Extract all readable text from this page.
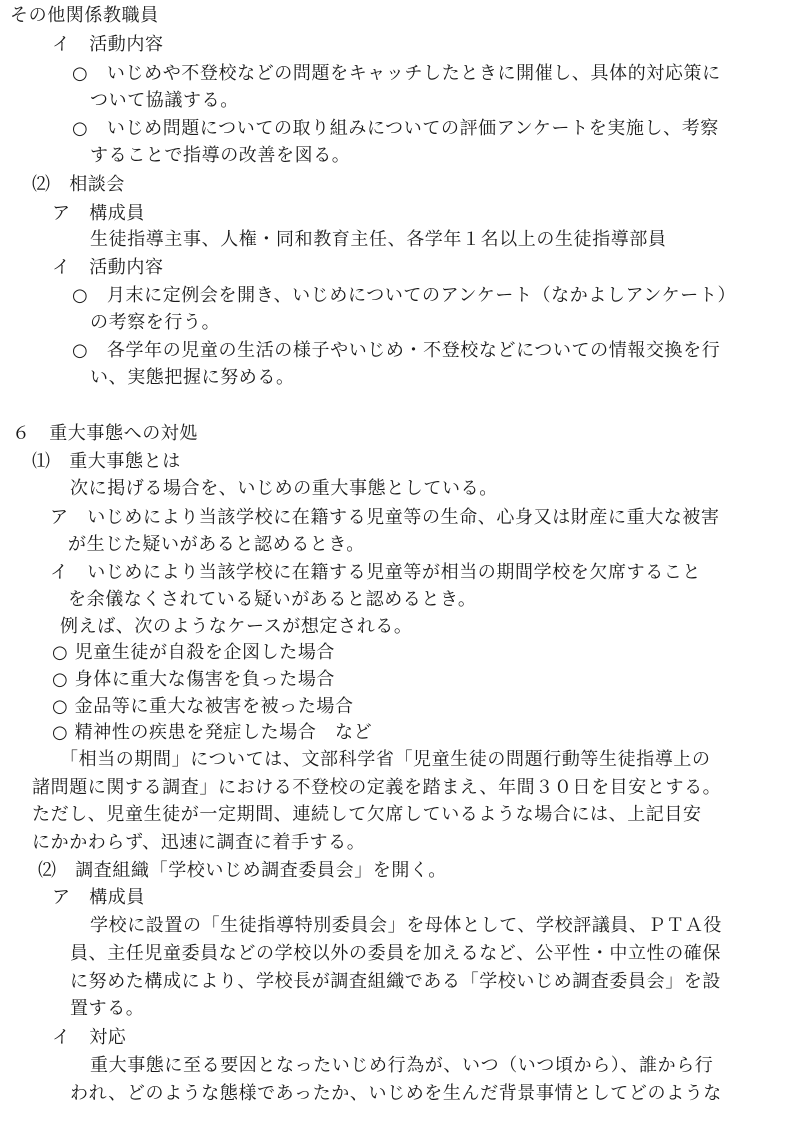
その他関係教職員
イ　活動内容
○　いじめや不登校などの問題をキャッチしたときに開催し、具体的対応策に
ついて協議する。
○　いじめ問題についての取り組みについての評価アンケートを実施し、考察
することで指導の改善を図る。
⑵　相談会
ア　構成員
生徒指導主事、人権・同和教育主任、各学年１名以上の生徒指導部員
イ　活動内容
○　月末に定例会を開き、いじめについてのアンケート（なかよしアンケート）
の考察を行う。
○　各学年の児童の生活の様子やいじめ・不登校などについての情報交換を行
い、実態把握に努める。
６　重大事態への対処
⑴　重大事態とは
次に掲げる場合を、いじめの重大事態としている。
ア　いじめにより当該学校に在籍する児童等の生命、心身又は財産に重大な被害
が生じた疑いがあると認めるとき。
イ　いじめにより当該学校に在籍する児童等が相当の期間学校を欠席すること
を余儀なくされている疑いがあると認めるとき。
例えば、次のようなケースが想定される。
○ 児童生徒が自殺を企図した場合
○ 身体に重大な傷害を負った場合
○ 金品等に重大な被害を被った場合
○ 精神性の疾患を発症した場合　など
「相当の期間」については、文部科学省「児童生徒の問題行動等生徒指導上の
諸問題に関する調査」における不登校の定義を踏まえ、年間３０日を目安とする。
ただし、児童生徒が一定期間、連続して欠席しているような場合には、上記目安
にかかわらず、迅速に調査に着手する。
⑵　調査組織「学校いじめ調査委員会」を開く。
ア　構成員
学校に設置の「生徒指導特別委員会」を母体として、学校評議員、ＰＴＡ役
員、主任児童委員などの学校以外の委員を加えるなど、公平性・中立性の確保
に努めた構成により、学校長が調査組織である「学校いじめ調査委員会」を設
置する。
イ　対応
重大事態に至る要因となったいじめ行為が、いつ（いつ頃から）、誰から行
われ、どのような態様であったか、いじめを生んだ背景事情としてどのような
